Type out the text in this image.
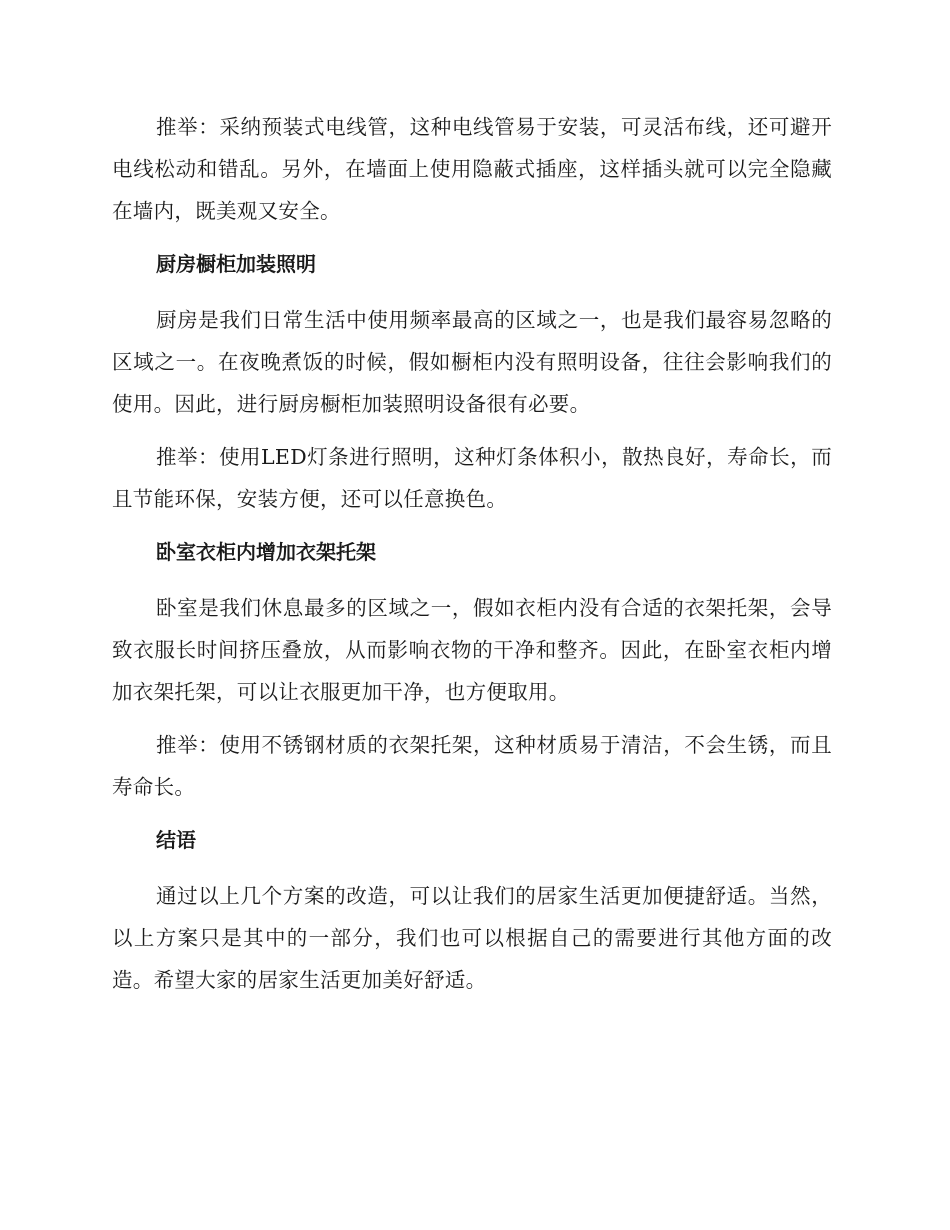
推举：采纳预装式电线管，这种电线管易于安装，可灵活布线，还可避开电线松动和错乱。另外，在墙面上使用隐蔽式插座，这样插头就可以完全隐藏在墙内，既美观又安全。

厨房橱柜加装照明

厨房是我们日常生活中使用频率最高的区域之一，也是我们最容易忽略的区域之一。在夜晚煮饭的时候，假如橱柜内没有照明设备，往往会影响我们的使用。因此，进行厨房橱柜加装照明设备很有必要。

推举：使用LED灯条进行照明，这种灯条体积小，散热良好，寿命长，而且节能环保，安装方便，还可以任意换色。

卧室衣柜内增加衣架托架

卧室是我们休息最多的区域之一，假如衣柜内没有合适的衣架托架，会导致衣服长时间挤压叠放，从而影响衣物的干净和整齐。因此，在卧室衣柜内增加衣架托架，可以让衣服更加干净，也方便取用。

推举：使用不锈钢材质的衣架托架，这种材质易于清洁，不会生锈，而且寿命长。

结语

通过以上几个方案的改造，可以让我们的居家生活更加便捷舒适。当然，以上方案只是其中的一部分，我们也可以根据自己的需要进行其他方面的改造。希望大家的居家生活更加美好舒适。
